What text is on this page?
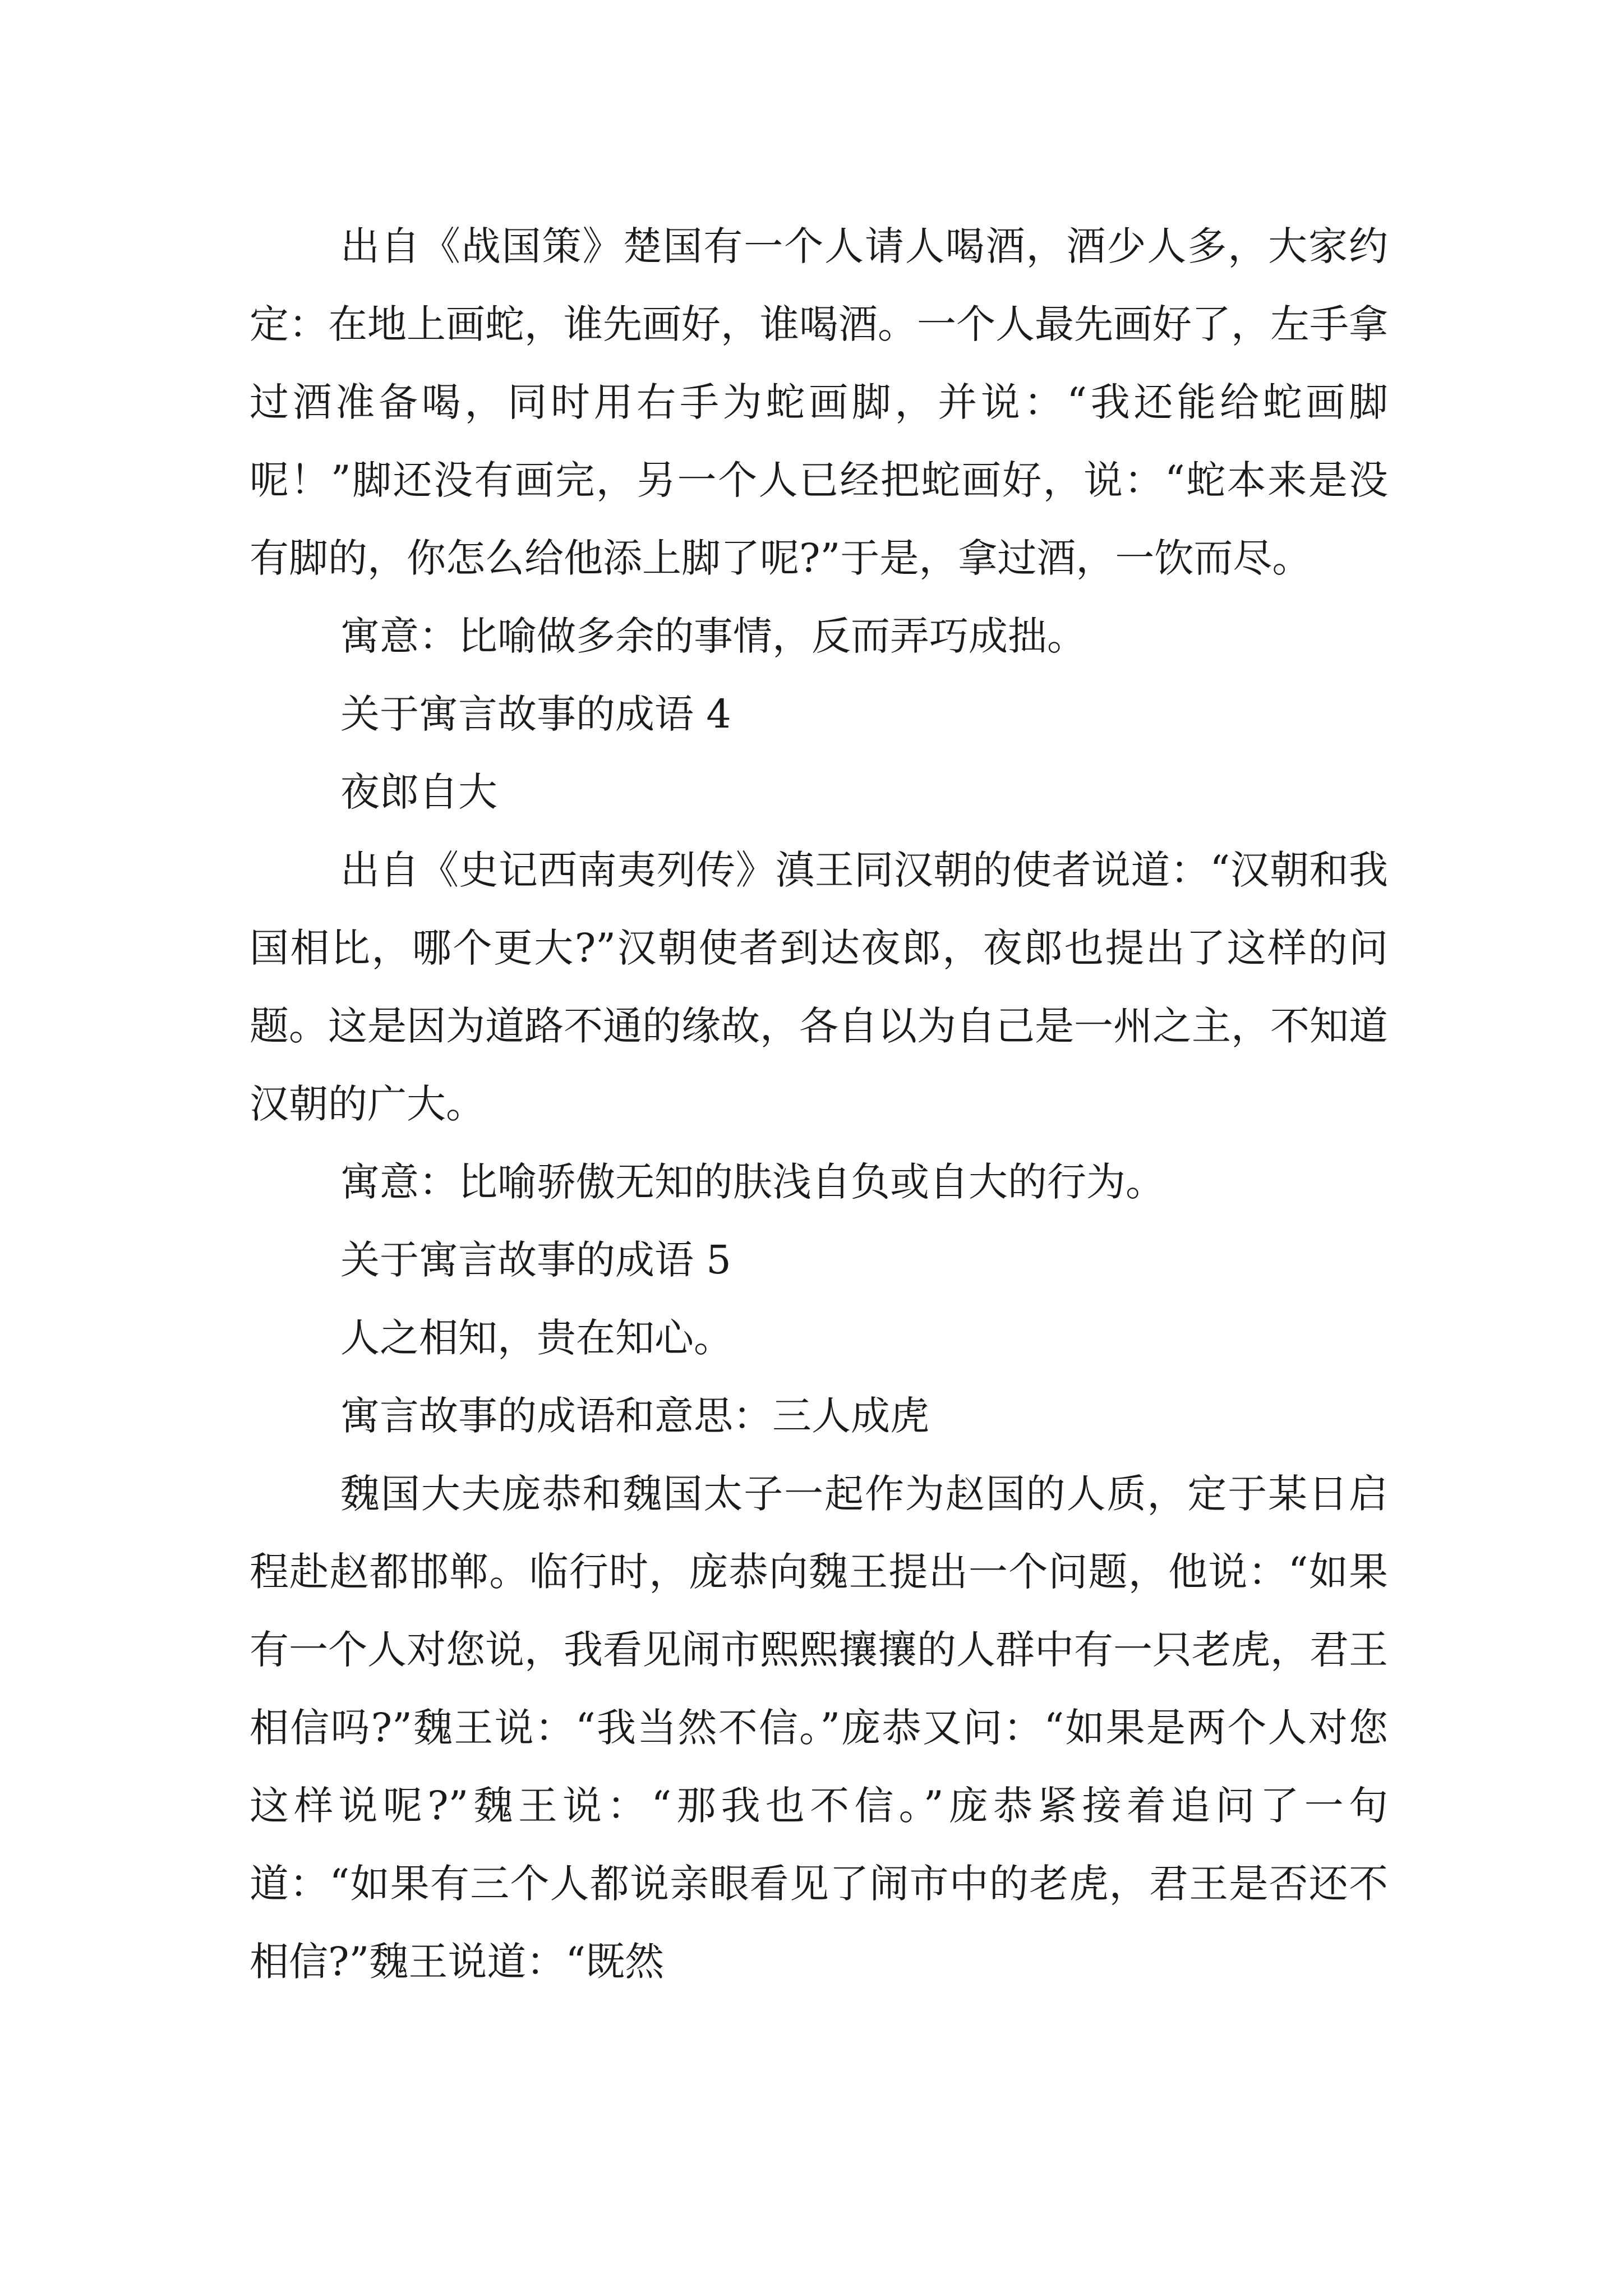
出自《战国策》楚国有一个人请人喝酒，酒少人多，大家约定：在地上画蛇，谁先画好，谁喝酒。一个人最先画好了，左手拿过酒准备喝，同时用右手为蛇画脚，并说：“我还能给蛇画脚呢！”脚还没有画完，另一个人已经把蛇画好，说：“蛇本来是没有脚的，你怎么给他添上脚了呢?”于是，拿过酒，一饮而尽。

寓意：比喻做多余的事情，反而弄巧成拙。

关于寓言故事的成语 4

夜郎自大

出自《史记西南夷列传》滇王同汉朝的使者说道：“汉朝和我国相比，哪个更大?”汉朝使者到达夜郎，夜郎也提出了这样的问题。这是因为道路不通的缘故，各自以为自己是一州之主，不知道汉朝的广大。

寓意：比喻骄傲无知的肤浅自负或自大的行为。

关于寓言故事的成语 5

人之相知，贵在知心。

寓言故事的成语和意思：三人成虎

魏国大夫庞恭和魏国太子一起作为赵国的人质，定于某日启程赴赵都邯郸。临行时，庞恭向魏王提出一个问题，他说：“如果有一个人对您说，我看见闹市熙熙攘攘的人群中有一只老虎，君王相信吗?”魏王说：“我当然不信。”庞恭又问：“如果是两个人对您这样说呢?”魏王说：“那我也不信。”庞恭紧接着追问了一句道：“如果有三个人都说亲眼看见了闹市中的老虎，君王是否还不相信?”魏王说道：“既然
